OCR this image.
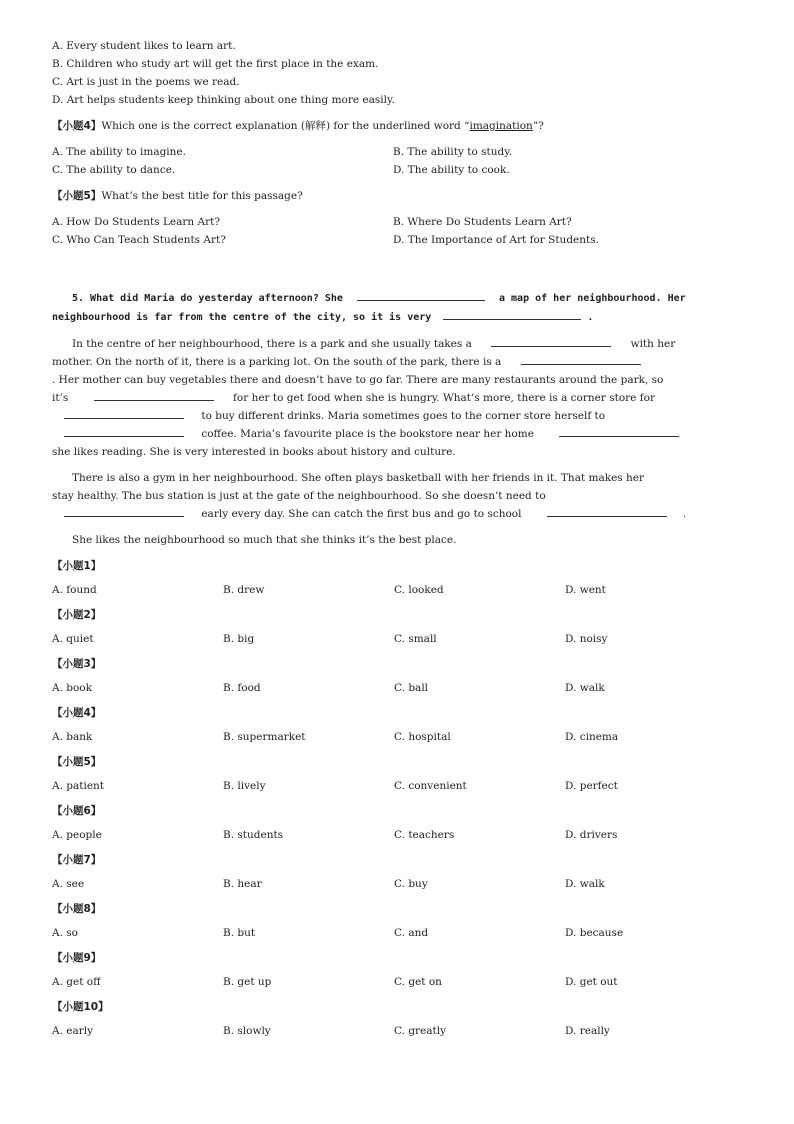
A. Every student likes to learn art.
B. Children who study art will get the first place in the exam.
C. Art is just in the poems we read.
D. Art helps students keep thinking about one thing more easily.
【小题4】Which one is the correct explanation (解释) for the underlined word “imagination”?
A. The ability to imagine.	B. The ability to study.
C. The ability to dance.	D. The ability to cook.
【小题5】What’s the best title for this passage?
A. How Do Students Learn Art?	B. Where Do Students Learn Art?
C. Who Can Teach Students Art?	D. The Importance of Art for Students.
5. What did Maria do yesterday afternoon? She	a map of her neighbourhood. Her
neighbourhood is far from the centre of the city, so it is very	.
In the centre of her neighbourhood, there is a park and she usually takes a	with her
mother. On the north of it, there is a parking lot. On the south of the park, there is a
. Her mother can buy vegetables there and doesn’t have to go far. There are many restaurants around the park, so
it’s	for her to get food when she is hungry. What’s more, there is a corner store for
to buy different drinks. Maria sometimes goes to the corner store herself to
coffee. Maria’s favourite place is the bookstore near her home
she likes reading. She is very interested in books about history and culture.
There is also a gym in her neighbourhood. She often plays basketball with her friends in it. That makes her
stay healthy. The bus station is just at the gate of the neighbourhood. So she doesn’t need to
early every day. She can catch the first bus and go to school	.
She likes the neighbourhood so much that she thinks it’s the best place.
【小题1】
A. found	B. drew	C. looked	D. went
【小题2】
A. quiet	B. big	C. small	D. noisy
【小题3】
A. book	B. food	C. ball	D. walk
【小题4】
A. bank	B. supermarket	C. hospital	D. cinema
【小题5】
A. patient	B. lively	C. convenient	D. perfect
【小题6】
A. people	B. students	C. teachers	D. drivers
【小题7】
A. see	B. hear	C. buy	D. walk
【小题8】
A. so	B. but	C. and	D. because
【小题9】
A. get off	B. get up	C. get on	D. get out
【小题10】
A. early	B. slowly	C. greatly	D. really
